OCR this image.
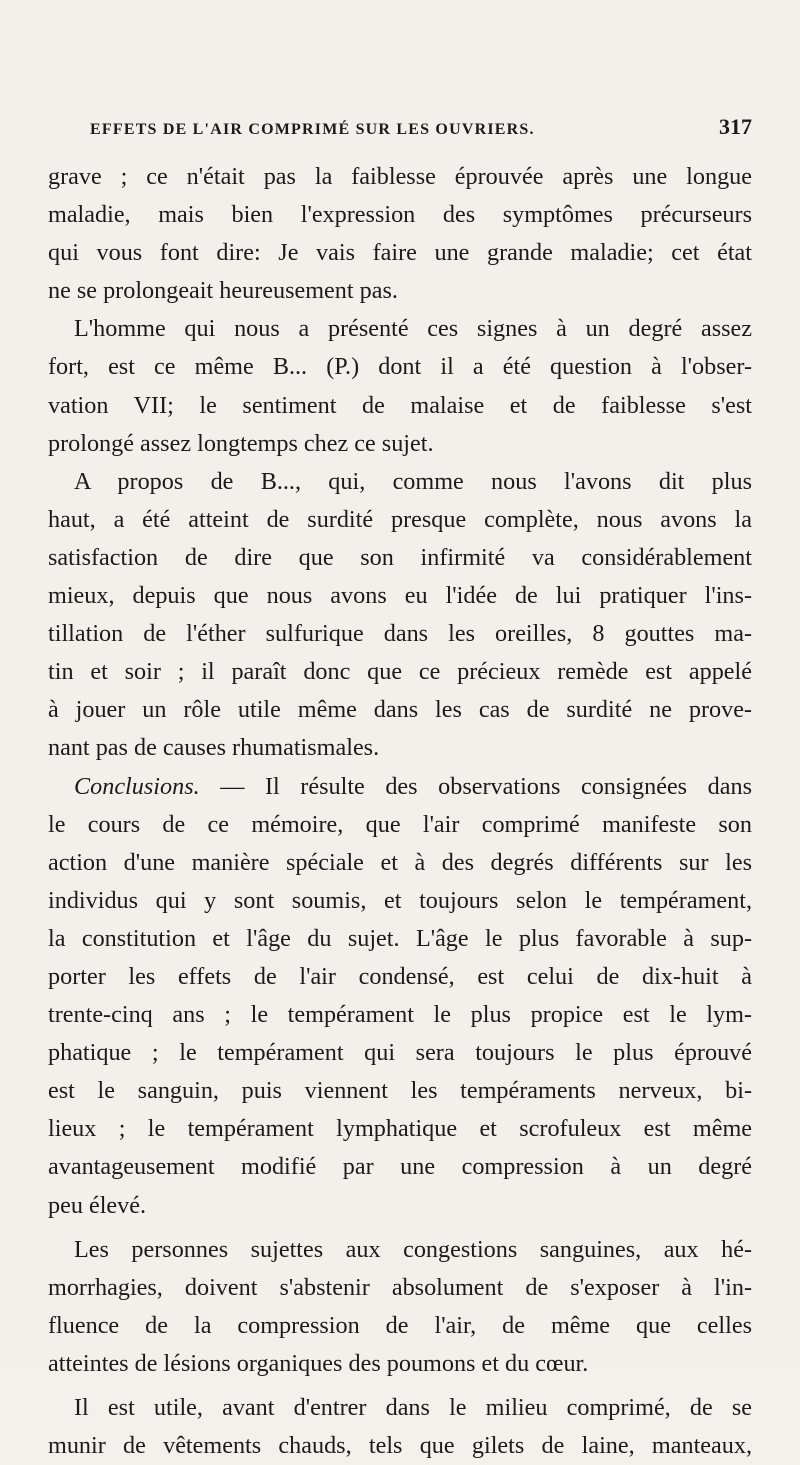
EFFETS DE L'AIR COMPRIMÉ SUR LES OUVRIERS.	317
grave ; ce n'était pas la faiblesse éprouvée après une longue
maladie, mais bien l'expression des symptômes précurseurs
qui vous font dire: Je vais faire une grande maladie; cet état
ne se prolongeait heureusement pas.
L'homme qui nous a présenté ces signes à un degré assez
fort, est ce même B... (P.) dont il a été question à l'obser-
vation VII; le sentiment de malaise et de faiblesse s'est
prolongé assez longtemps chez ce sujet.
A propos de B..., qui, comme nous l'avons dit plus
haut, a été atteint de surdité presque complète, nous avons la
satisfaction de dire que son infirmité va considérablement
mieux, depuis que nous avons eu l'idée de lui pratiquer l'ins-
tillation de l'éther sulfurique dans les oreilles, 8 gouttes ma-
tin et soir ; il paraît donc que ce précieux remède est appelé
à jouer un rôle utile même dans les cas de surdité ne prove-
nant pas de causes rhumatismales.
Conclusions. — Il résulte des observations consignées dans
le cours de ce mémoire, que l'air comprimé manifeste son
action d'une manière spéciale et à des degrés différents sur les
individus qui y sont soumis, et toujours selon le tempérament,
la constitution et l'âge du sujet. L'âge le plus favorable à sup-
porter les effets de l'air condensé, est celui de dix-huit à
trente-cinq ans ; le tempérament le plus propice est le lym-
phatique ; le tempérament qui sera toujours le plus éprouvé
est le sanguin, puis viennent les tempéraments nerveux, bi-
lieux ; le tempérament lymphatique et scrofuleux est même
avantageusement modifié par une compression à un degré
peu élevé.
Les personnes sujettes aux congestions sanguines, aux hé-
morrhagies, doivent s'abstenir absolument de s'exposer à l'in-
fluence de la compression de l'air, de même que celles
atteintes de lésions organiques des poumons et du cœur.
Il est utile, avant d'entrer dans le milieu comprimé, de se
munir de vêtements chauds, tels que gilets de laine, manteaux,
